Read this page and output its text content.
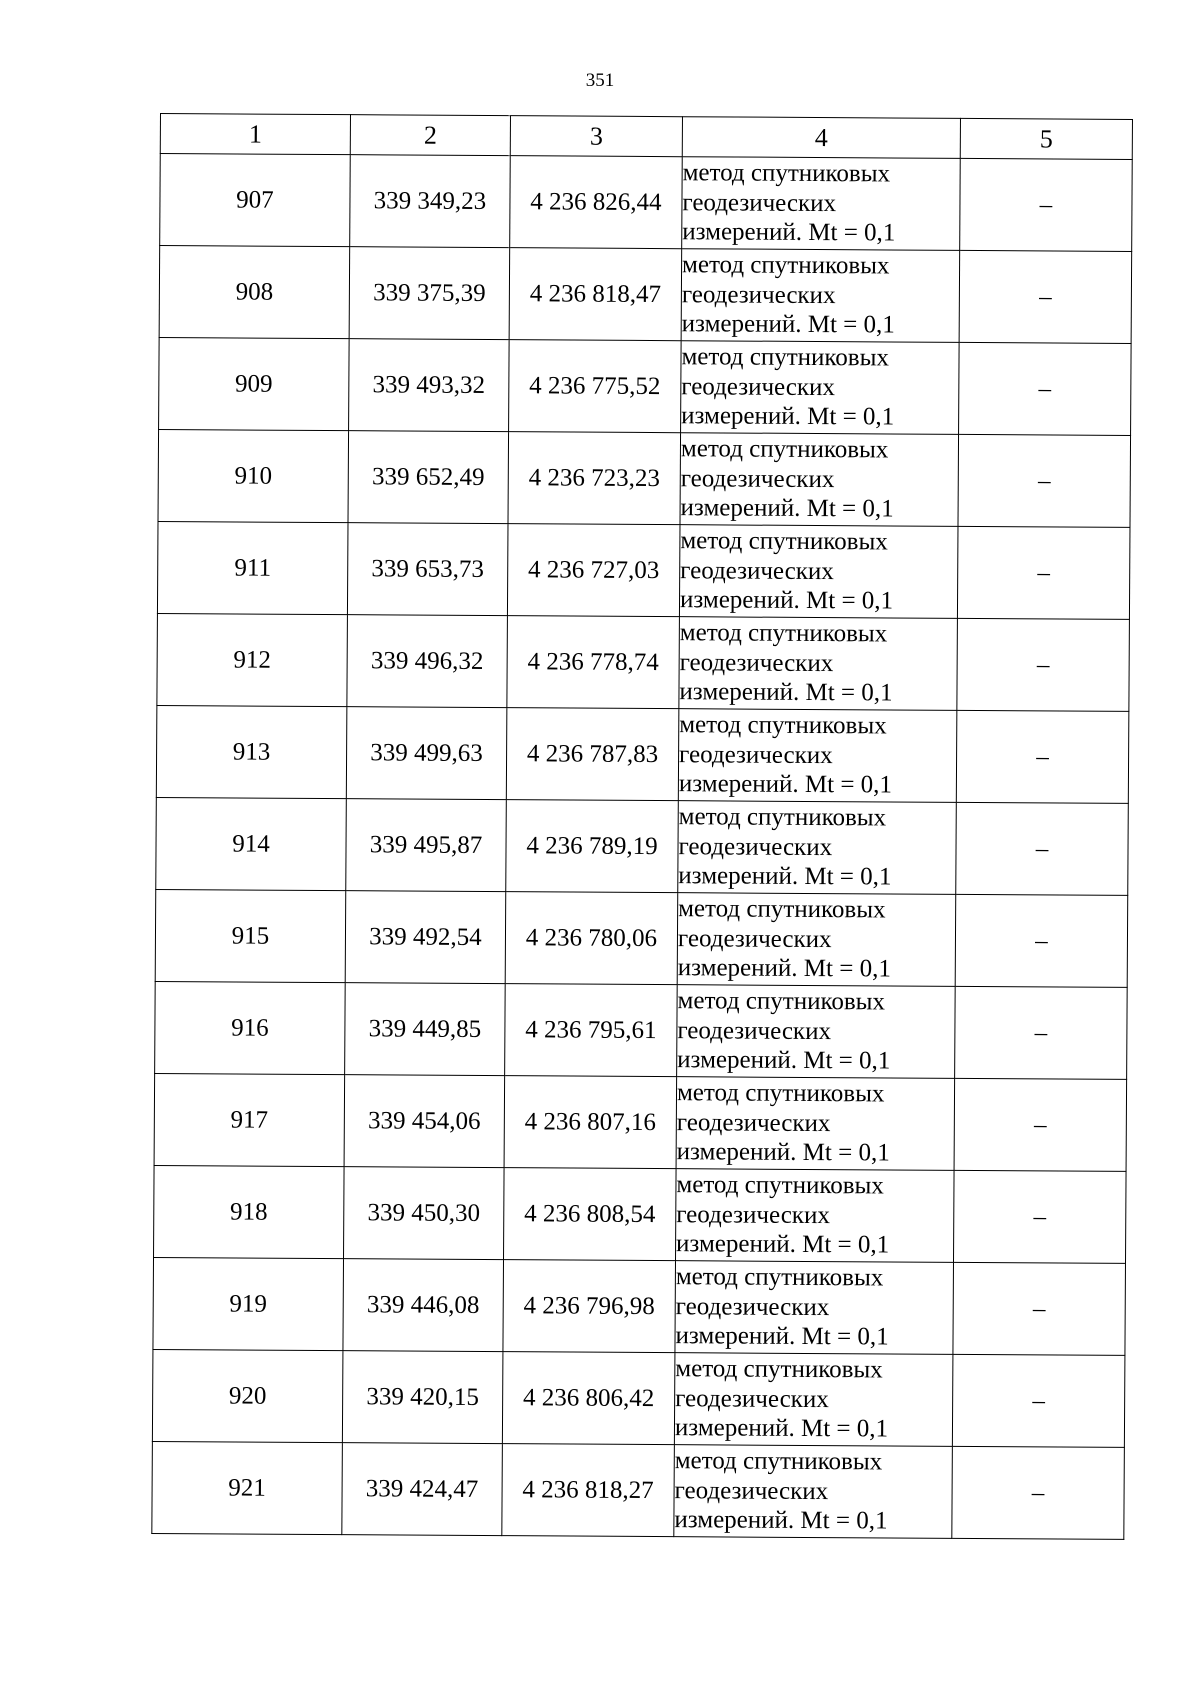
351
1	2	3	4	5
907	339 349,23	4 236 826,44	метод спутниковых
геодезических
измерений. Mt = 0,1	–
908	339 375,39	4 236 818,47	метод спутниковых
геодезических
измерений. Mt = 0,1	–
909	339 493,32	4 236 775,52	метод спутниковых
геодезических
измерений. Mt = 0,1	–
910	339 652,49	4 236 723,23	метод спутниковых
геодезических
измерений. Mt = 0,1	–
911	339 653,73	4 236 727,03	метод спутниковых
геодезических
измерений. Mt = 0,1	–
912	339 496,32	4 236 778,74	метод спутниковых
геодезических
измерений. Mt = 0,1	–
913	339 499,63	4 236 787,83	метод спутниковых
геодезических
измерений. Mt = 0,1	–
914	339 495,87	4 236 789,19	метод спутниковых
геодезических
измерений. Mt = 0,1	–
915	339 492,54	4 236 780,06	метод спутниковых
геодезических
измерений. Mt = 0,1	–
916	339 449,85	4 236 795,61	метод спутниковых
геодезических
измерений. Mt = 0,1	–
917	339 454,06	4 236 807,16	метод спутниковых
геодезических
измерений. Mt = 0,1	–
918	339 450,30	4 236 808,54	метод спутниковых
геодезических
измерений. Mt = 0,1	–
919	339 446,08	4 236 796,98	метод спутниковых
геодезических
измерений. Mt = 0,1	–
920	339 420,15	4 236 806,42	метод спутниковых
геодезических
измерений. Mt = 0,1	–
921	339 424,47	4 236 818,27	метод спутниковых
геодезических
измерений. Mt = 0,1	–
